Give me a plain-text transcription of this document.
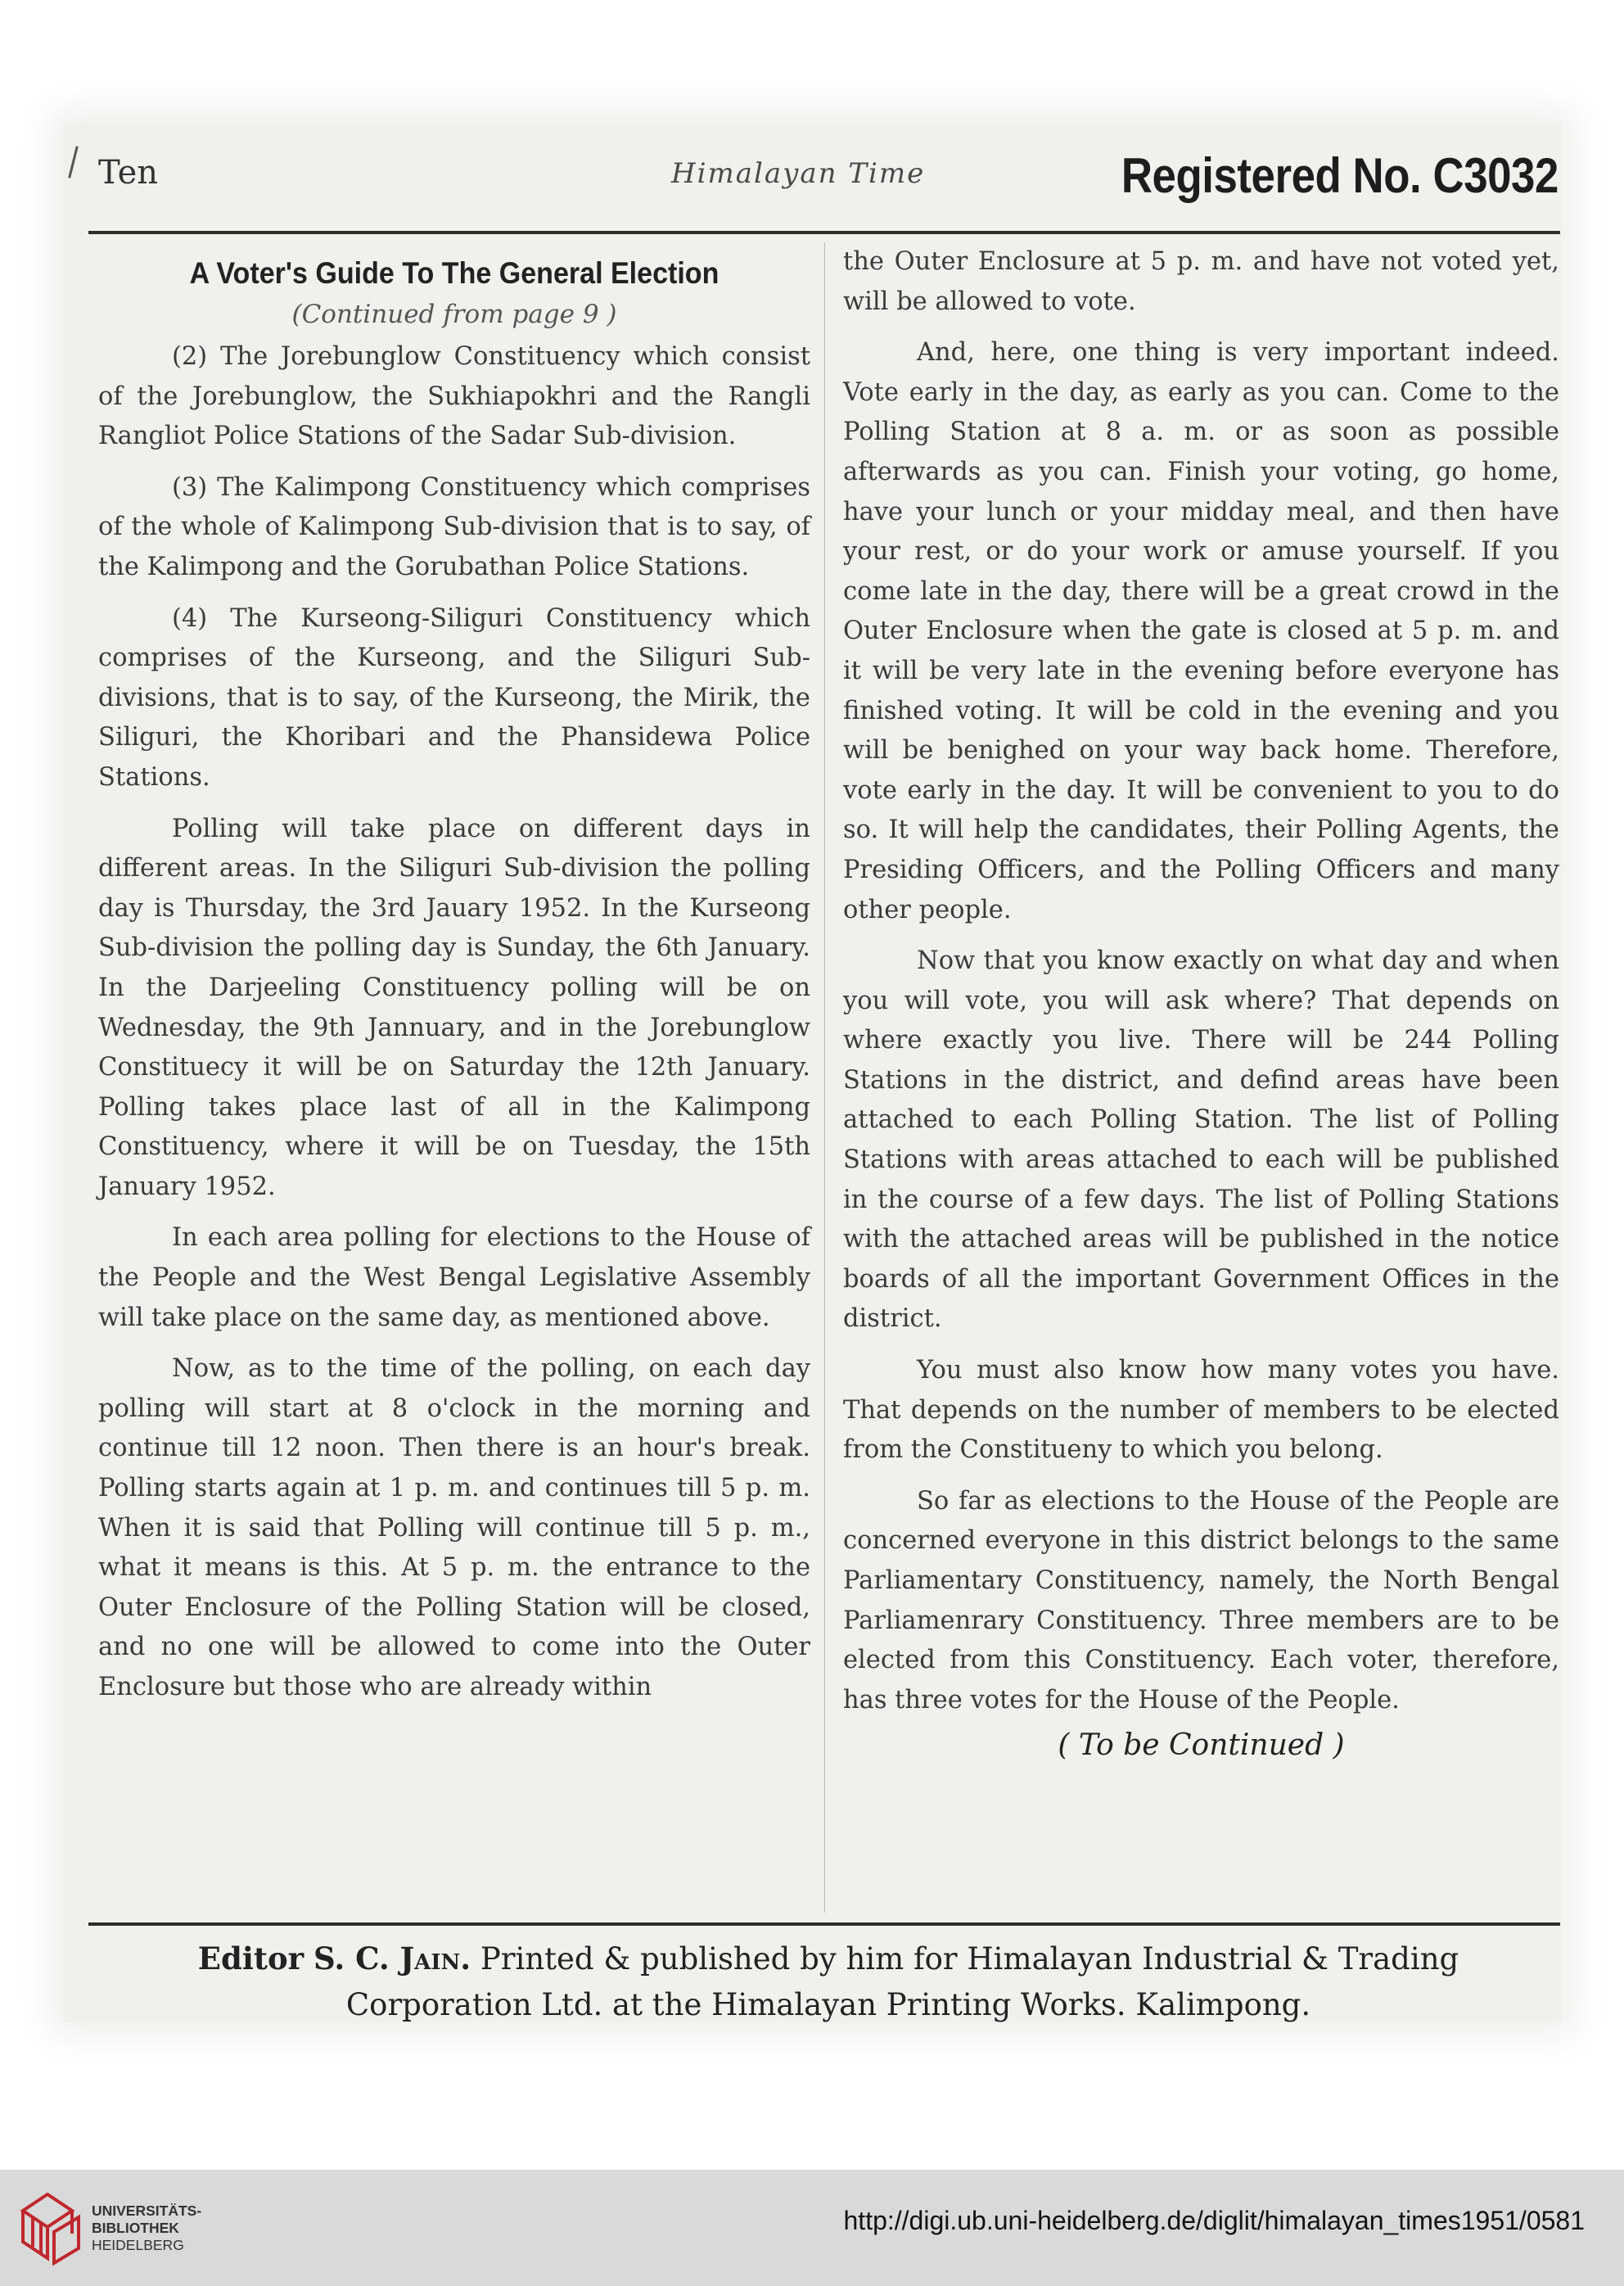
Ten	Himalayan Time	Registered No. C3032
A Voter's Guide To The General Election
(Continued from page 9 )

(2) The Jorebunglow Constituency which consist of the Jorebunglow, the Sukhiapokhri and the Rangli Rangliot Police Stations of the Sadar Sub-division.

(3) The Kalimpong Constituency which comprises of the whole of Kalimpong Sub-division that is to say, of the Kalimpong and the Gorubathan Police Stations.

(4) The Kurseong-Siliguri Constituency which comprises of the Kurseong, and the Siliguri Sub-divisions, that is to say, of the Kurseong, the Mirik, the Siliguri, the Khoribari and the Phansidewa Police Stations.

Polling will take place on different days in different areas. In the Siliguri Sub-division the polling day is Thursday, the 3rd Jauary 1952. In the Kurseong Sub-division the polling day is Sunday, the 6th January. In the Darjeeling Constituency polling will be on Wednesday, the 9th Jannuary, and in the Jorebunglow Constituecy it will be on Saturday the 12th January. Polling takes place last of all in the Kalimpong Constituency, where it will be on Tuesday, the 15th January 1952.

In each area polling for elections to the House of the People and the West Bengal Legislative Assembly will take place on the same day, as mentioned above.

Now, as to the time of the polling, on each day polling will start at 8 o'clock in the morning and continue till 12 noon. Then there is an hour's break. Polling starts again at 1 p. m. and continues till 5 p. m. When it is said that Polling will continue till 5 p. m., what it means is this. At 5 p. m. the entrance to the Outer Enclosure of the Polling Station will be closed, and no one will be allowed to come into the Outer Enclosure but those who are already within

the Outer Enclosure at 5 p. m. and have not voted yet, will be allowed to vote.

And, here, one thing is very important indeed. Vote early in the day, as early as you can. Come to the Polling Station at 8 a. m. or as soon as possible afterwards as you can. Finish your voting, go home, have your lunch or your midday meal, and then have your rest, or do your work or amuse yourself. If you come late in the day, there will be a great crowd in the Outer Enclosure when the gate is closed at 5 p. m. and it will be very late in the evening before everyone has finished voting. It will be cold in the evening and you will be benighed on your way back home. Therefore, vote early in the day. It will be convenient to you to do so. It will help the candidates, their Polling Agents, the Presiding Officers, and the Polling Officers and many other people.

Now that you know exactly on what day and when you will vote, you will ask where? That depends on where exactly you live. There will be 244 Polling Stations in the district, and defind areas have been attached to each Polling Station. The list of Polling Stations with areas attached to each will be published in the course of a few days. The list of Polling Stations with the attached areas will be published in the notice boards of all the important Government Offices in the district.

You must also know how many votes you have. That depends on the number of members to be elected from the Constitueny to which you belong.

So far as elections to the House of the People are concerned everyone in this district belongs to the same Parliamentary Constituency, namely, the North Bengal Parliamenrary Constituency. Three members are to be elected from this Constituency. Each voter, therefore, has three votes for the House of the People.

( To be Continued )
Editor S. C. Jain. Printed & published by him for Himalayan Industrial & Trading
Corporation Ltd. at the Himalayan Printing Works. Kalimpong.
UNIVERSITÄTS-
BIBLIOTHEK
HEIDELBERG
http://digi.ub.uni-heidelberg.de/diglit/himalayan_times1951/0581
